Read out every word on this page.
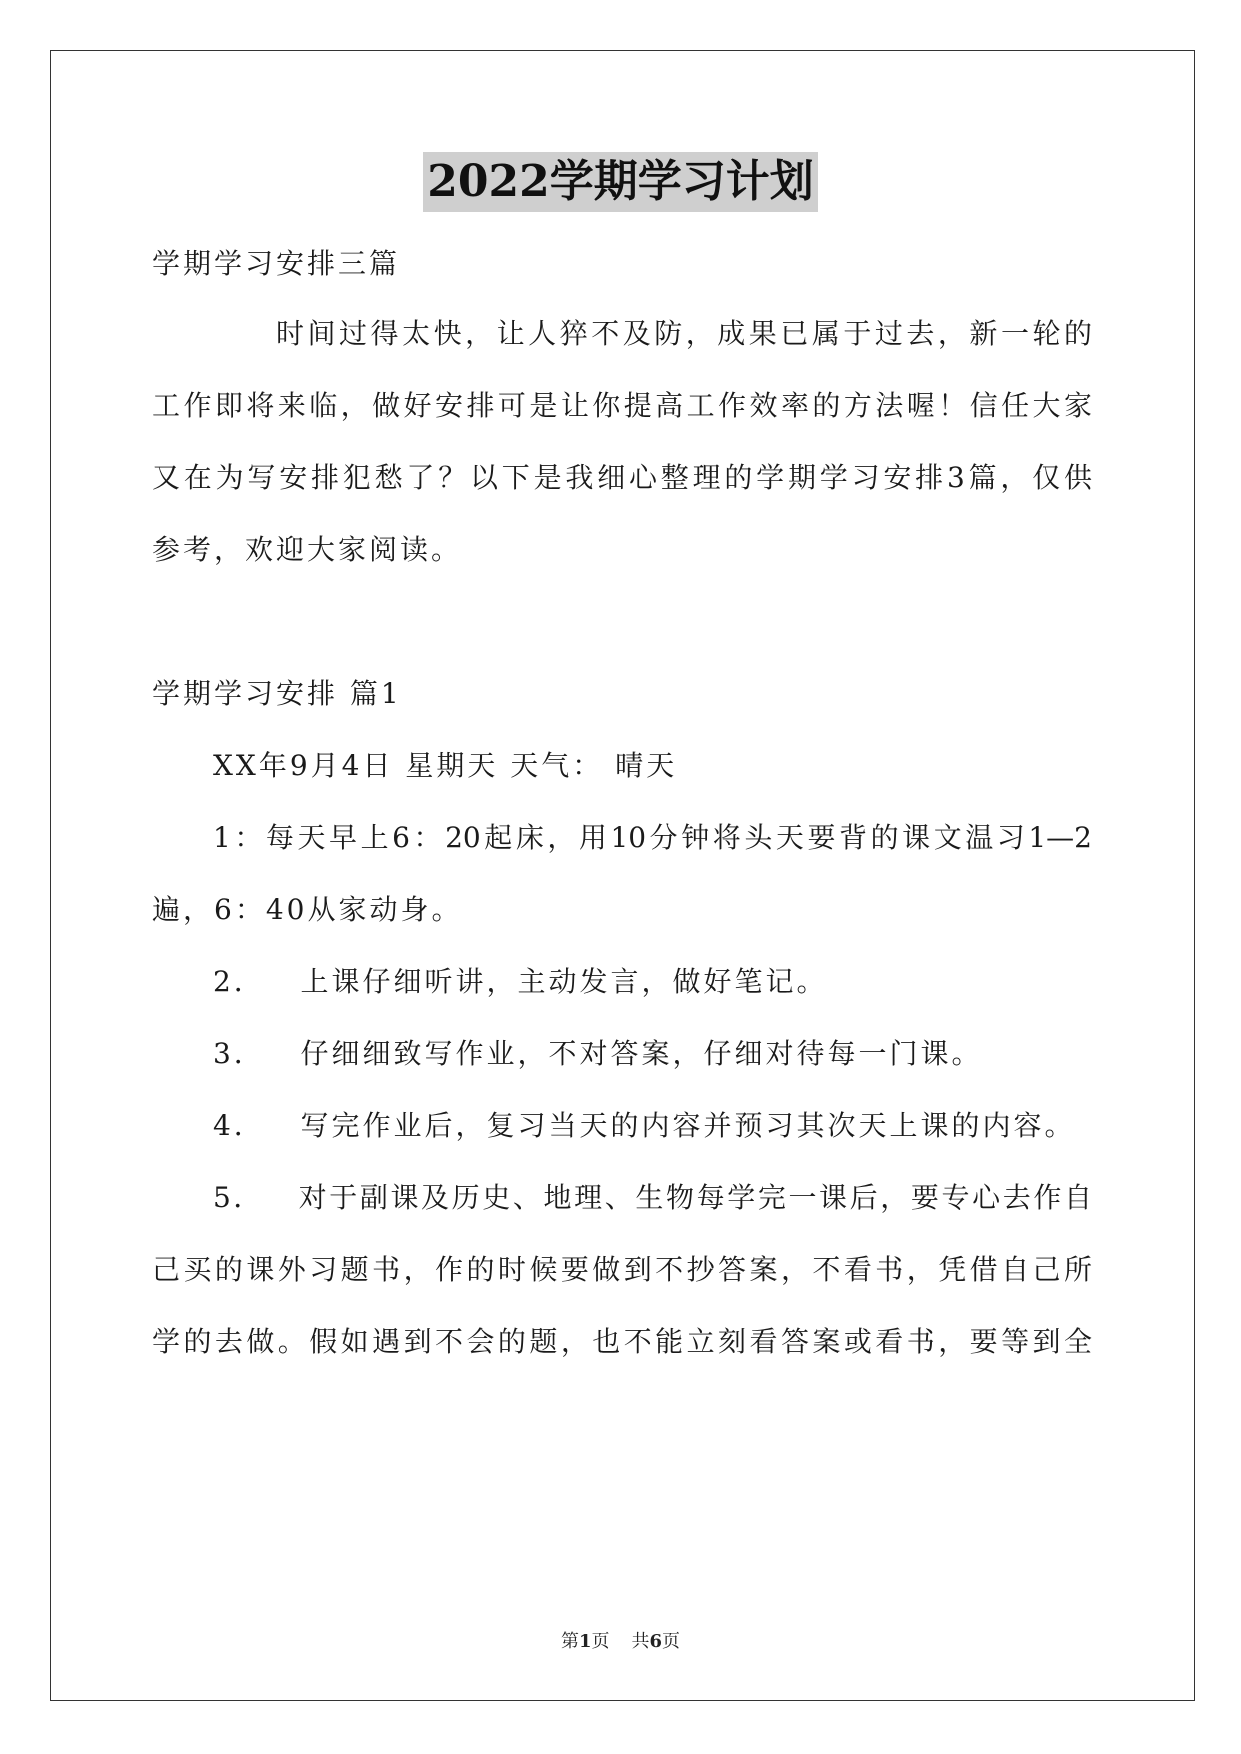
2022学期学习计划
学期学习安排三篇
时间过得太快，让人猝不及防，成果已属于过去，新一轮的
工作即将来临，做好安排可是让你提高工作效率的方法喔！信任大家
又在为写安排犯愁了？以下是我细心整理的学期学习安排3篇，仅供
参考，欢迎大家阅读。
学期学习安排 篇1
XX年9月4日 星期天 天气： 晴天
1：每天早上6：20起床，用10分钟将头天要背的课文温习1—2
遍，6：40从家动身。
2．   上课仔细听讲，主动发言，做好笔记。
3．   仔细细致写作业，不对答案，仔细对待每一门课。
4．   写完作业后，复习当天的内容并预习其次天上课的内容。
5．   对于副课及历史、地理、生物每学完一课后，要专心去作自
己买的课外习题书，作的时候要做到不抄答案，不看书，凭借自己所
学的去做。假如遇到不会的题，也不能立刻看答案或看书，要等到全
第1页 共6页
